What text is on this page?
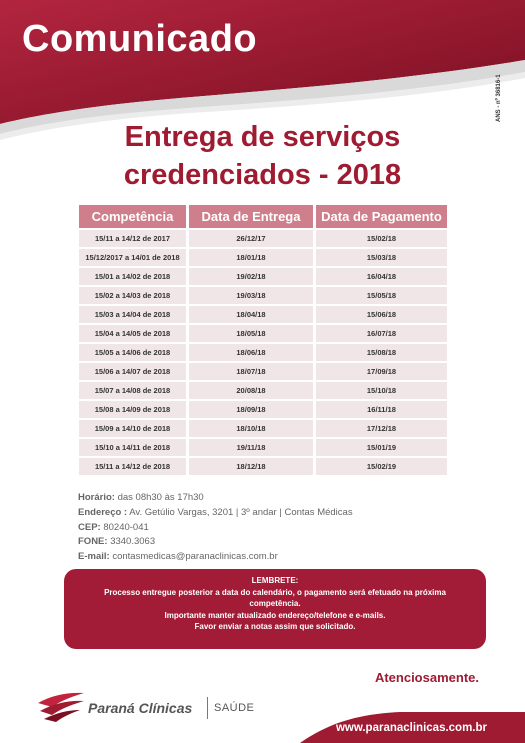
Comunicado
ANS - nº 36816-1
Entrega de serviços
credenciados - 2018
Competência	Data de Entrega	Data de Pagamento
15/11 a 14/12 de 2017	26/12/17	15/02/18
15/12/2017 a 14/01 de 2018	18/01/18	15/03/18
15/01 a 14/02 de 2018	19/02/18	16/04/18
15/02 a 14/03 de 2018	19/03/18	15/05/18
15/03 a 14/04 de 2018	18/04/18	15/06/18
15/04 a 14/05 de 2018	18/05/18	16/07/18
15/05 a 14/06 de 2018	18/06/18	15/08/18
15/06 a 14/07 de 2018	18/07/18	17/09/18
15/07 a 14/08 de 2018	20/08/18	15/10/18
15/08 a 14/09 de 2018	18/09/18	16/11/18
15/09 a 14/10 de 2018	18/10/18	17/12/18
15/10 a 14/11 de 2018	19/11/18	15/01/19
15/11 a 14/12 de 2018	18/12/18	15/02/19
Horário: das 08h30 às 17h30
Endereço : Av. Getúlio Vargas, 3201 | 3º andar | Contas Médicas
CEP: 80240-041
FONE: 3340.3063
E-mail: contasmedicas@paranaclinicas.com.br
LEMBRETE:
Processo entregue posterior a data do calendário, o pagamento será efetuado na próxima
competência.
Importante manter atualizado endereço/telefone e e-mails.
Favor enviar a notas assim que solicitado.
Atenciosamente.
www.paranaclinicas.com.br
Paraná Clínicas SAÚDE
